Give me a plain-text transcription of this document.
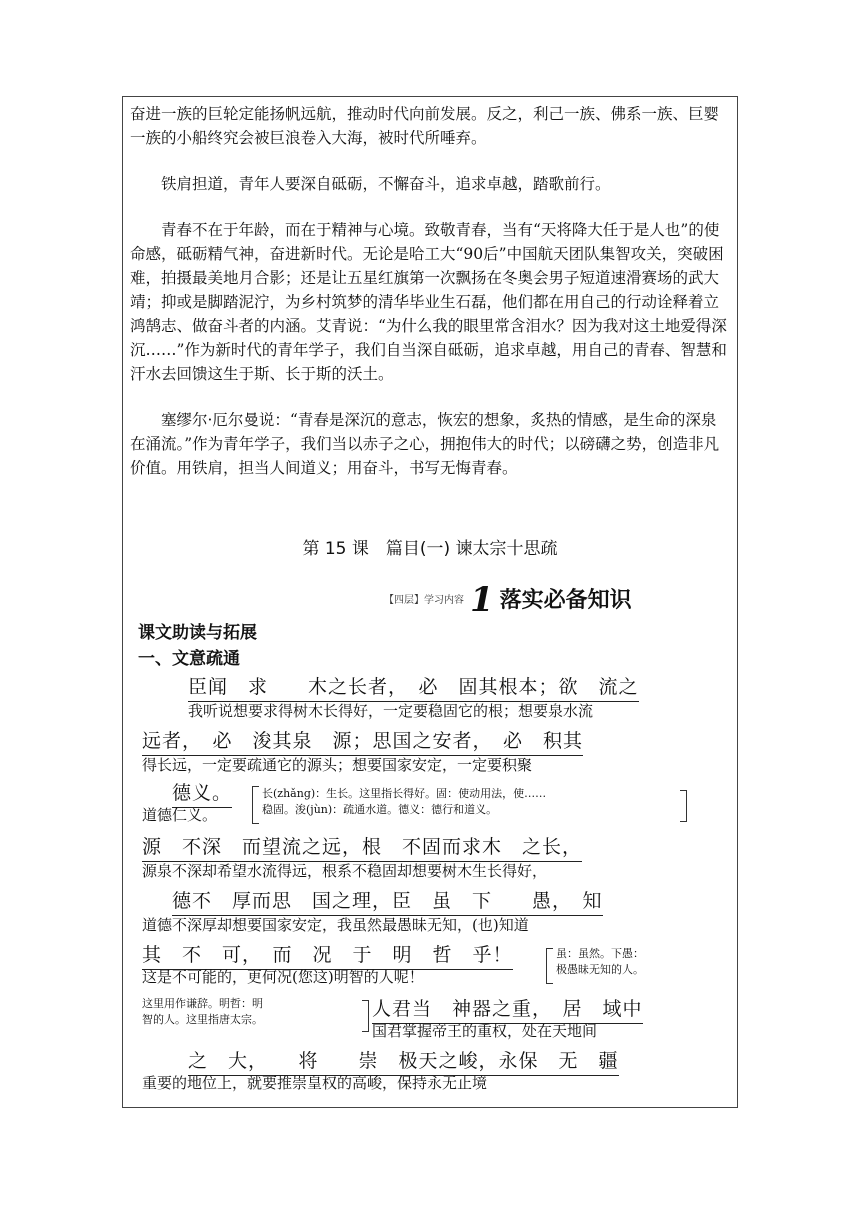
奋进一族的巨轮定能扬帆远航，推动时代向前发展。反之，利己一族、佛系一族、巨婴一族的小船终究会被巨浪卷入大海，被时代所唾弃。

铁肩担道，青年人要深自砥砺，不懈奋斗，追求卓越，踏歌前行。

青春不在于年龄，而在于精神与心境。致敬青春，当有“天将降大任于是人也”的使命感，砥砺精气神，奋进新时代。无论是哈工大“90后”中国航天团队集智攻关，突破困难，拍摄最美地月合影；还是让五星红旗第一次飘扬在冬奥会男子短道速滑赛场的武大靖；抑或是脚踏泥泞，为乡村筑梦的清华毕业生石磊，他们都在用自己的行动诠释着立鸿鹄志、做奋斗者的内涵。艾青说：“为什么我的眼里常含泪水？因为我对这土地爱得深沉……”作为新时代的青年学子，我们自当深自砥砺，追求卓越，用自己的青春、智慧和汗水去回馈这生于斯、长于斯的沃土。

塞缪尔·厄尔曼说：“青春是深沉的意志，恢宏的想象，炙热的情感，是生命的深泉在涌流。”作为青年学子，我们当以赤子之心，拥抱伟大的时代；以磅礴之势，创造非凡价值。用铁肩，担当人间道义；用奋斗，书写无悔青春。

第 15 课　篇目(一) 谏太宗十思疏
$^{【四层】学习内容}$ 1 落实必备知识
课文助读与拓展
一、文意疏通
臣闻　求　　木之长者，　必　固其根本；欲　流之
我听说想要求得树木长得好，一定要稳固它的根；想要泉水流
远者，　必　浚其泉　源；思国之安者，　必　积其
得长远，一定要疏通它的源头；想要国家安定，一定要积聚
德义。
道德仁义。
长(zhǎng)：生长。这里指长得好。固：使动用法，使……
稳固。浚(jùn)：疏通水道。德义：德行和道义。
源　不深　而望流之远，根　不固而求木　之长，
源泉不深却希望水流得远，根系不稳固却想要树木生长得好，
德不　厚而思　国之理，臣　虽　下　　愚，　知
道德不深厚却想要国家安定，我虽然最愚昧无知，(也)知道
其　不　可，　而　况　于　明　哲　乎！
这是不可能的，更何况(您这)明智的人呢！
虽：虽然。下愚：
极愚昧无知的人。
这里用作谦辞。明哲：明
智的人。这里指唐太宗。	人君当　神器之重，　居　域中
国君掌握帝王的重权，处在天地间
之　大，　　将　　崇　极天之峻，永保　无　疆
重要的地位上，就要推崇皇权的高峻，保持永无止境
